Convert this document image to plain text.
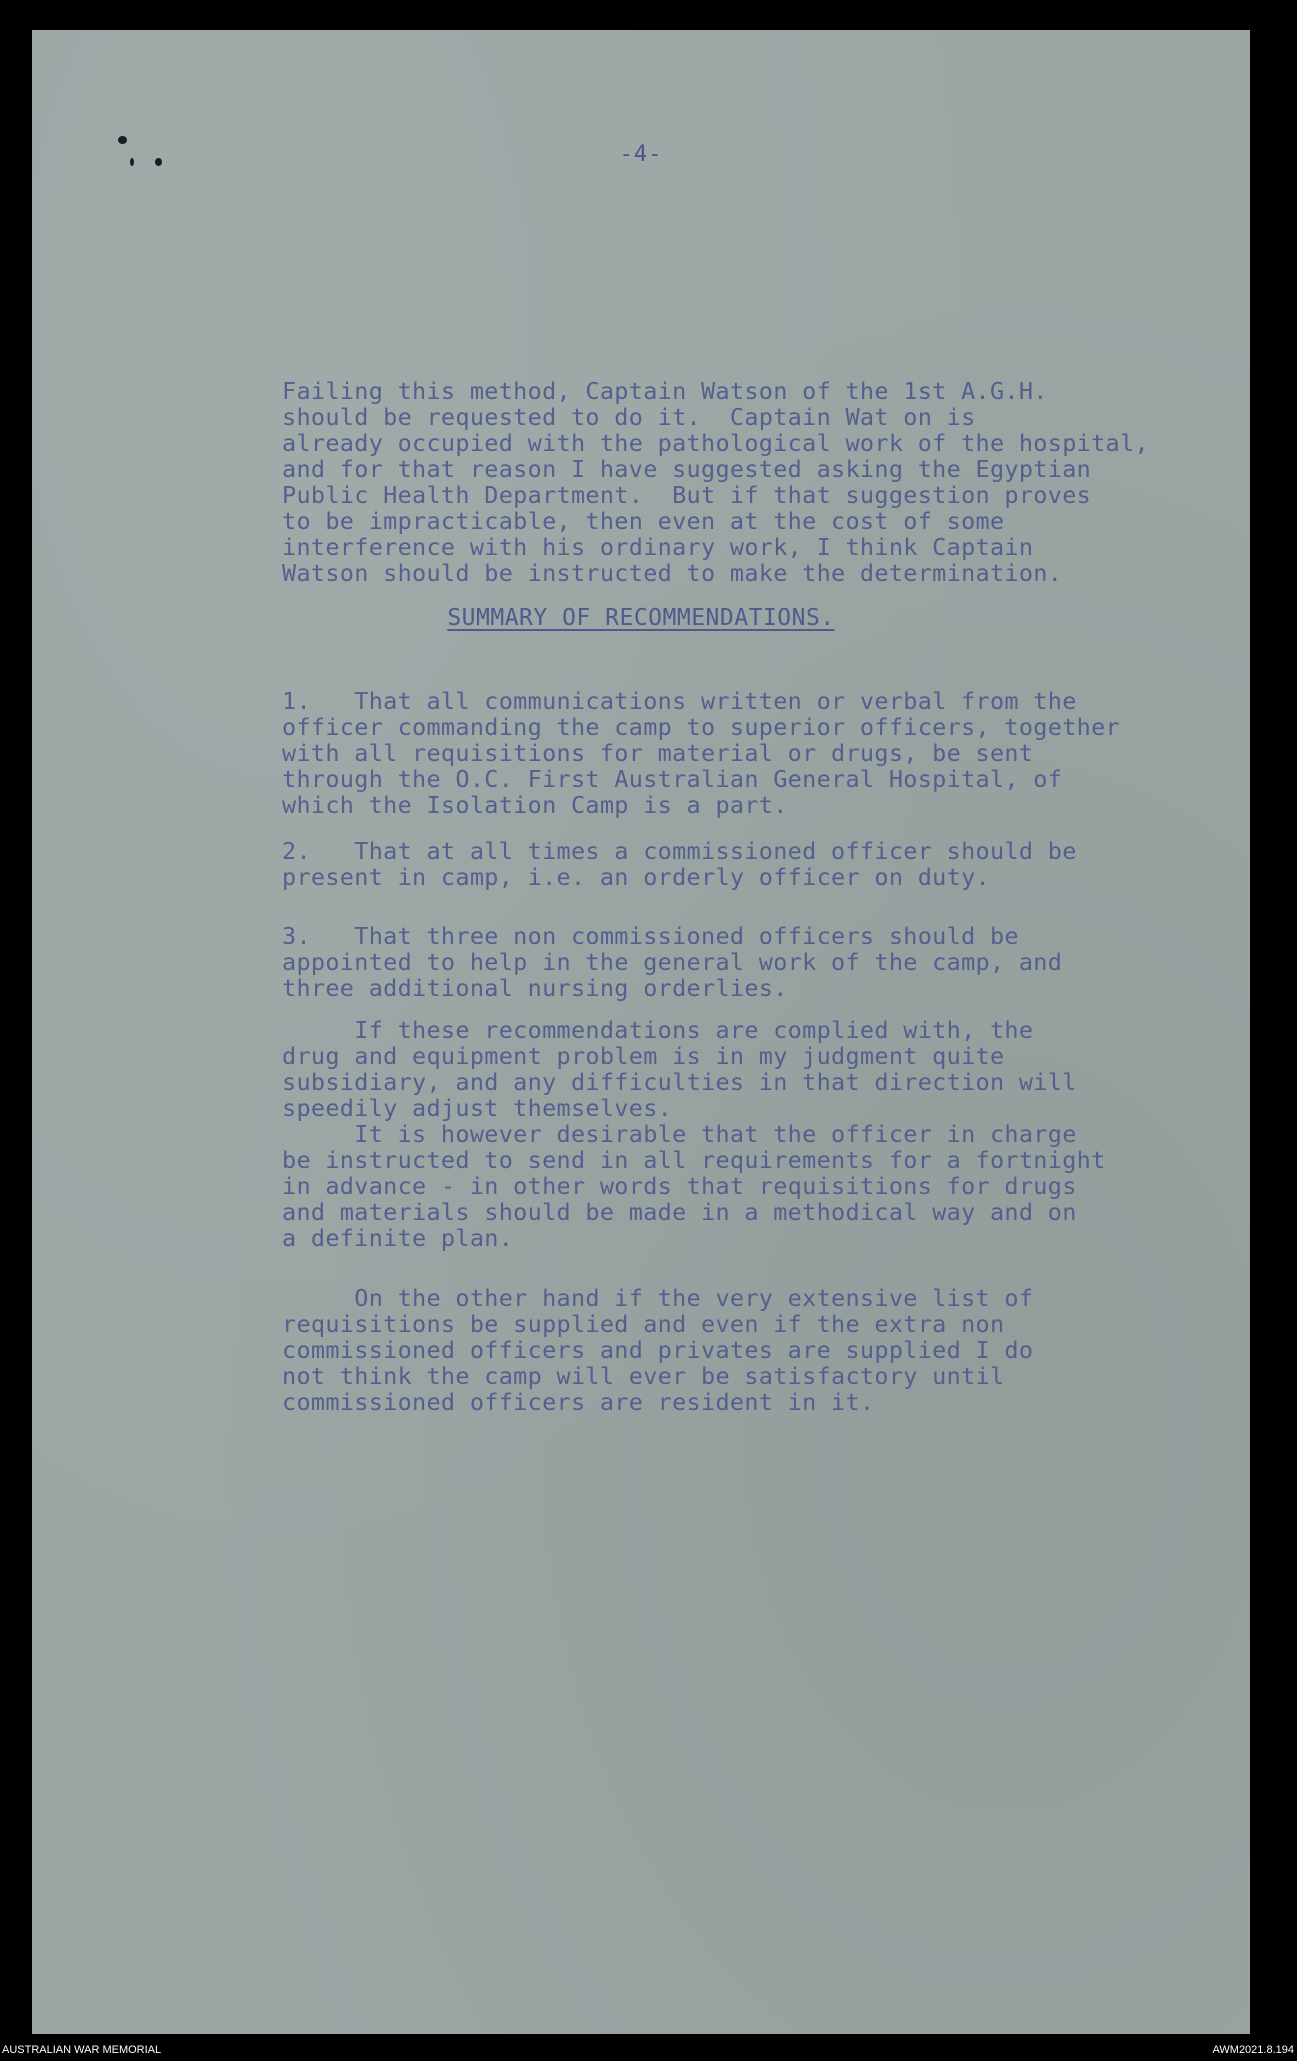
-4-
Failing this method, Captain Watson of the 1st A.G.H.
should be requested to do it.  Captain Wat on is
already occupied with the pathological work of the hospital,
and for that reason I have suggested asking the Egyptian
Public Health Department.  But if that suggestion proves
to be impracticable, then even at the cost of some
interference with his ordinary work, I think Captain
Watson should be instructed to make the determination.
SUMMARY OF RECOMMENDATIONS.
1.   That all communications written or verbal from the
officer commanding the camp to superior officers, together
with all requisitions for material or drugs, be sent
through the O.C. First Australian General Hospital, of
which the Isolation Camp is a part.
2.   That at all times a commissioned officer should be
present in camp, i.e. an orderly officer on duty.
3.   That three non commissioned officers should be
appointed to help in the general work of the camp, and
three additional nursing orderlies.
If these recommendations are complied with, the
drug and equipment problem is in my judgment quite
subsidiary, and any difficulties in that direction will
speedily adjust themselves.
It is however desirable that the officer in charge
be instructed to send in all requirements for a fortnight
in advance - in other words that requisitions for drugs
and materials should be made in a methodical way and on
a definite plan.
On the other hand if the very extensive list of
requisitions be supplied and even if the extra non
commissioned officers and privates are supplied I do
not think the camp will ever be satisfactory until
commissioned officers are resident in it.
AUSTRALIAN WAR MEMORIAL	AWM2021.8.194
